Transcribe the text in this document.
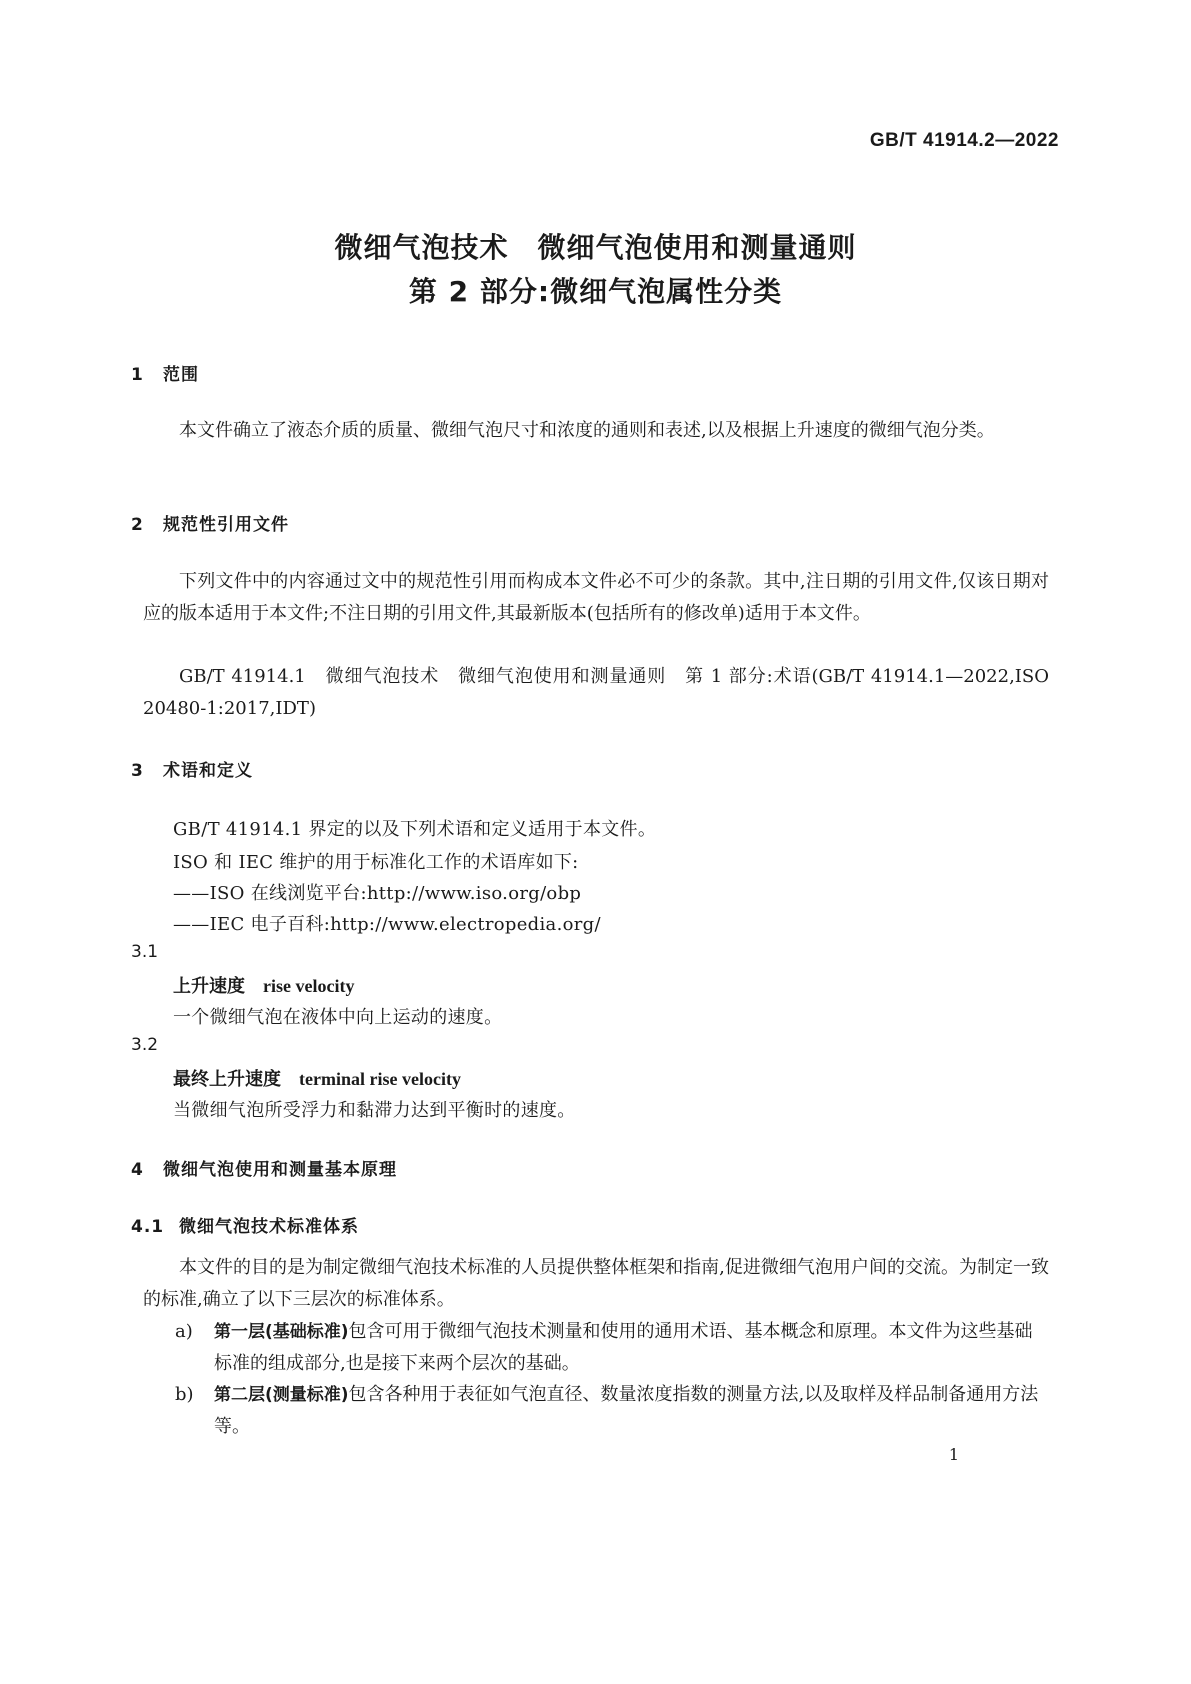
GB/T 41914.2—2022
微细气泡技术　微细气泡使用和测量通则
第 2 部分:微细气泡属性分类
1 范围
本文件确立了液态介质的质量、微细气泡尺寸和浓度的通则和表述,以及根据上升速度的微细气泡分类。
2 规范性引用文件
下列文件中的内容通过文中的规范性引用而构成本文件必不可少的条款。其中,注日期的引用文件,仅该日期对应的版本适用于本文件;不注日期的引用文件,其最新版本(包括所有的修改单)适用于本文件。
GB/T 41914.1　微细气泡技术　微细气泡使用和测量通则　第 1 部分:术语(GB/T 41914.1—2022,ISO 20480-1:2017,IDT)
3 术语和定义
GB/T 41914.1 界定的以及下列术语和定义适用于本文件。
ISO 和 IEC 维护的用于标准化工作的术语库如下:
——ISO 在线浏览平台:http://www.iso.org/obp
——IEC 电子百科:http://www.electropedia.org/
3.1
上升速度 rise velocity
一个微细气泡在液体中向上运动的速度。
3.2
最终上升速度 terminal rise velocity
当微细气泡所受浮力和黏滞力达到平衡时的速度。
4 微细气泡使用和测量基本原理
4.1 微细气泡技术标准体系
本文件的目的是为制定微细气泡技术标准的人员提供整体框架和指南,促进微细气泡用户间的交流。为制定一致的标准,确立了以下三层次的标准体系。
a) 第一层(基础标准)包含可用于微细气泡技术测量和使用的通用术语、基本概念和原理。本文件为这些基础标准的组成部分,也是接下来两个层次的基础。
b) 第二层(测量标准)包含各种用于表征如气泡直径、数量浓度指数的测量方法,以及取样及样品制备通用方法等。
1
